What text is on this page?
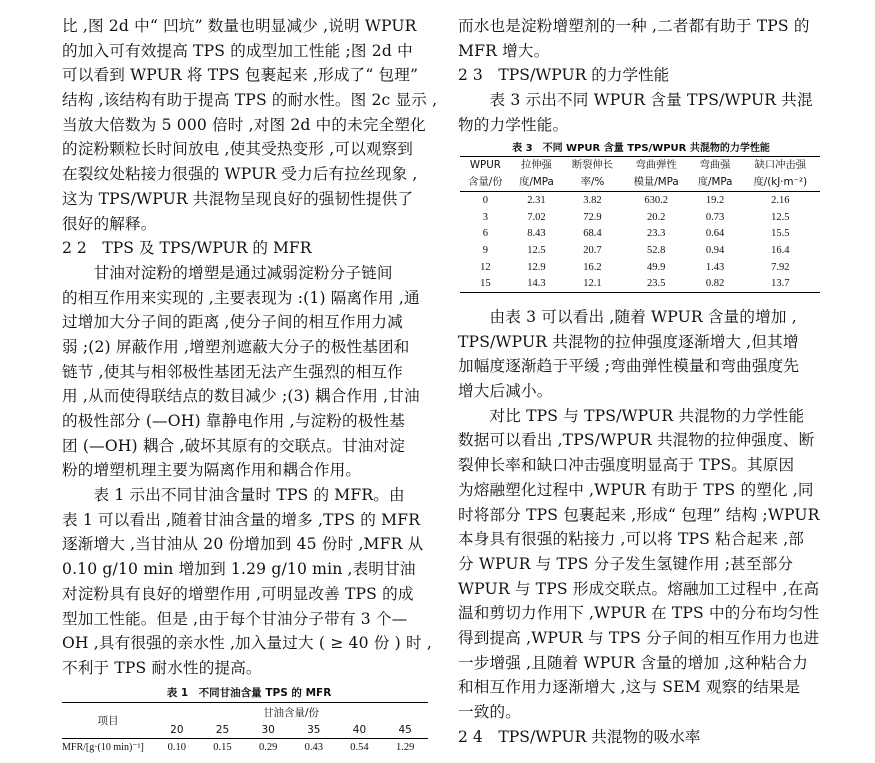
比 ,图 2d 中“ 凹坑” 数量也明显减少 ,说明 WPUR
的加入可有效提高 TPS 的成型加工性能 ;图 2d 中
可以看到 WPUR 将 TPS 包裹起来 ,形成了“ 包理”
结构 ,该结构有助于提高 TPS 的耐水性。图 2c 显示 ,
当放大倍数为 5 000 倍时 ,对图 2d 中的未完全塑化
的淀粉颗粒长时间放电 ,使其受热变形 ,可以观察到
在裂纹处粘接力很强的 WPUR 受力后有拉丝现象 ,
这为 TPS/WPUR 共混物呈现良好的强韧性提供了
很好的解释。
2 2　TPS 及 TPS/WPUR 的 MFR
　　甘油对淀粉的增塑是通过减弱淀粉分子链间
的相互作用来实现的 ,主要表现为 :(1) 隔离作用 ,通
过增加大分子间的距离 ,使分子间的相互作用力减
弱 ;(2) 屏蔽作用 ,增塑剂遮蔽大分子的极性基团和
链节 ,使其与相邻极性基团无法产生强烈的相互作
用 ,从而使得联结点的数目减少 ;(3) 耦合作用 ,甘油
的极性部分 (—OH) 靠静电作用 ,与淀粉的极性基
团 (—OH) 耦合 ,破坏其原有的交联点。甘油对淀
粉的增塑机理主要为隔离作用和耦合作用。
　　表 1 示出不同甘油含量时 TPS 的 MFR。由
表 1 可以看出 ,随着甘油含量的增多 ,TPS 的 MFR
逐渐增大 ,当甘油从 20 份增加到 45 份时 ,MFR 从
0.10 g/10 min 增加到 1.29 g/10 min ,表明甘油
对淀粉具有良好的增塑作用 ,可明显改善 TPS 的成
型加工性能。但是 ,由于每个甘油分子带有 3 个—
OH ,具有很强的亲水性 ,加入量过大 ( ≥ 40 份 ) 时 ,
不利于 TPS 耐水性的提高。
表 1　不同甘油含量 TPS 的 MFR
项目	甘油含量/份					
	20	25	30	35	40	45
MFR/[g·(10 min)⁻¹]	0.10	0.15	0.29	0.43	0.54	1.29
而水也是淀粉增塑剂的一种 ,二者都有助于 TPS 的
MFR 增大。
2 3　TPS/WPUR 的力学性能
　　表 3 示出不同 WPUR 含量 TPS/WPUR 共混
物的力学性能。
表 3　不同 WPUR 含量 TPS/WPUR 共混物的力学性能
WPUR	拉伸强	断裂伸长	弯曲弹性	弯曲强	缺口冲击强
含量/份	度/MPa	率/%	模量/MPa	度/MPa	度/(kJ·m⁻²)
0	2.31	3.82	630.2	19.2	2.16
3	7.02	72.9	20.2	0.73	12.5
6	8.43	68.4	23.3	0.64	15.5
9	12.5	20.7	52.8	0.94	16.4
12	12.9	16.2	49.9	1.43	7.92
15	14.3	12.1	23.5	0.82	13.7
　　由表 3 可以看出 ,随着 WPUR 含量的增加 ,
TPS/WPUR 共混物的拉伸强度逐渐增大 ,但其增
加幅度逐渐趋于平缓 ;弯曲弹性模量和弯曲强度先
增大后减小。
　　对比 TPS 与 TPS/WPUR 共混物的力学性能
数据可以看出 ,TPS/WPUR 共混物的拉伸强度、断
裂伸长率和缺口冲击强度明显高于 TPS。其原因
为熔融塑化过程中 ,WPUR 有助于 TPS 的塑化 ,同
时将部分 TPS 包裹起来 ,形成“ 包理” 结构 ;WPUR
本身具有很强的粘接力 ,可以将 TPS 粘合起来 ,部
分 WPUR 与 TPS 分子发生氢键作用 ;甚至部分
WPUR 与 TPS 形成交联点。熔融加工过程中 ,在高
温和剪切力作用下 ,WPUR 在 TPS 中的分布均匀性
得到提高 ,WPUR 与 TPS 分子间的相互作用力也进
一步增强 ,且随着 WPUR 含量的增加 ,这种粘合力
和相互作用力逐渐增大 ,这与 SEM 观察的结果是
一致的。
2 4　TPS/WPUR 共混物的吸水率
